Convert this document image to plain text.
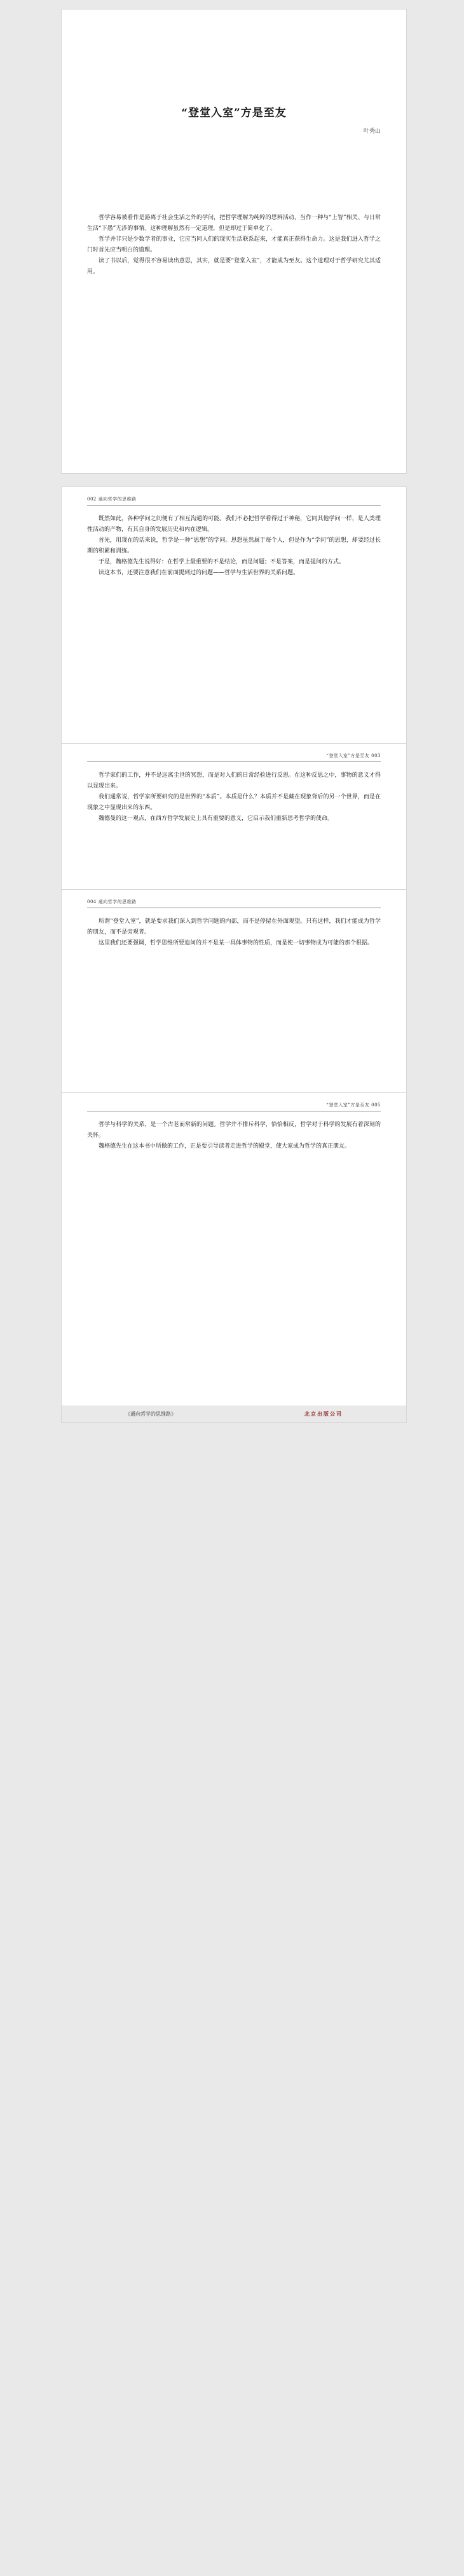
“登堂入室”方是至友
叶秀山

哲学容易被看作是游离于社会生活之外的学问，把哲学理解为纯粹的思辨活动，当作一种与“上智”相关、与日常生活“下愚”无涉的事情。这种理解虽然有一定道理，但是却过于简单化了。

哲学并非只是少数学者的事业，它应当同人们的现实生活联系起来，才能真正获得生命力。这是我们进入哲学之门时首先应当明白的道理。

读了书以后，觉得很不容易读出意思，其实，就是要“登堂入室”，才能成为至友。这个道理对于哲学研究尤其适用。

002 通向哲学的思维路

既然如此，各种学问之间便有了相互沟通的可能。我们不必把哲学看得过于神秘，它同其他学问一样，是人类理性活动的产物，有其自身的发展历史和内在逻辑。

首先，用现在的话来说，哲学是一种“思想”的学问。思想虽然属于每个人，但是作为“学问”的思想，却要经过长期的积累和训练。

于是，魏格德先生说得好：在哲学上最重要的不是结论，而是问题；不是答案，而是提问的方式。

读这本书，还要注意我们在前面提到过的问题——哲学与生活世界的关系问题。

“登堂入室”方是至友 003

哲学家们的工作，并不是远离尘世的冥想，而是对人们的日常经验进行反思。在这种反思之中，事物的意义才得以显现出来。

我们通常说，哲学家所要研究的是世界的“本质”。本质是什么？本质并不是藏在现象背后的另一个世界，而是在现象之中显现出来的东西。

魏德曼的这一观点，在西方哲学发展史上具有重要的意义，它启示我们重新思考哲学的使命。

004 通向哲学的思维路

所谓“登堂入室”，就是要求我们深入到哲学问题的内部，而不是停留在外面观望。只有这样，我们才能成为哲学的朋友，而不是旁观者。

这里我们还要强调，哲学思维所要追问的并不是某一具体事物的性质，而是使一切事物成为可能的那个根据。

“登堂入室”方是至友 005

哲学与科学的关系，是一个古老而常新的问题。哲学并不排斥科学，恰恰相反，哲学对于科学的发展有着深刻的关怀。

魏格德先生在这本书中所做的工作，正是要引导读者走进哲学的殿堂，使大家成为哲学的真正朋友。

《通向哲学的思维路》	北京出版公司
